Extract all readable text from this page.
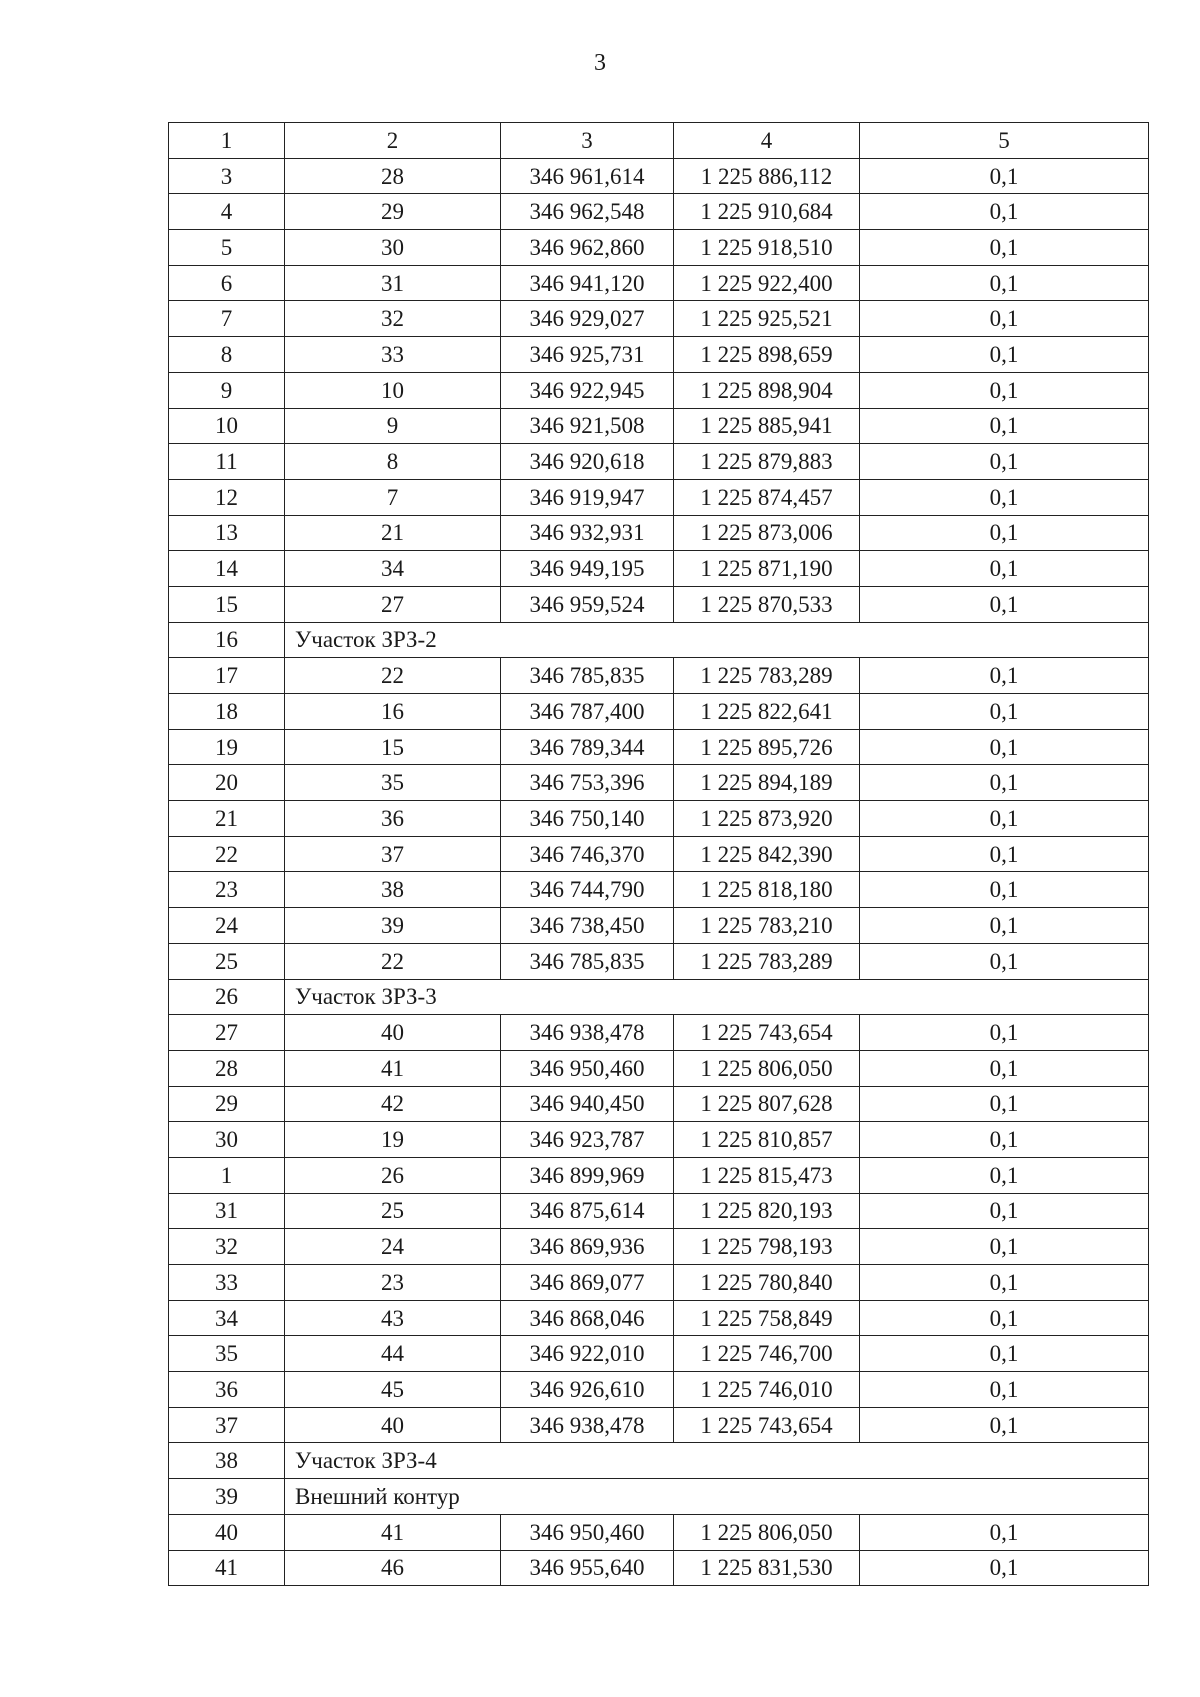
3
1	2	3	4	5
3	28	346 961,614	1 225 886,112	0,1
4	29	346 962,548	1 225 910,684	0,1
5	30	346 962,860	1 225 918,510	0,1
6	31	346 941,120	1 225 922,400	0,1
7	32	346 929,027	1 225 925,521	0,1
8	33	346 925,731	1 225 898,659	0,1
9	10	346 922,945	1 225 898,904	0,1
10	9	346 921,508	1 225 885,941	0,1
11	8	346 920,618	1 225 879,883	0,1
12	7	346 919,947	1 225 874,457	0,1
13	21	346 932,931	1 225 873,006	0,1
14	34	346 949,195	1 225 871,190	0,1
15	27	346 959,524	1 225 870,533	0,1
16	Участок ЗРЗ-2			
17	22	346 785,835	1 225 783,289	0,1
18	16	346 787,400	1 225 822,641	0,1
19	15	346 789,344	1 225 895,726	0,1
20	35	346 753,396	1 225 894,189	0,1
21	36	346 750,140	1 225 873,920	0,1
22	37	346 746,370	1 225 842,390	0,1
23	38	346 744,790	1 225 818,180	0,1
24	39	346 738,450	1 225 783,210	0,1
25	22	346 785,835	1 225 783,289	0,1
26	Участок ЗРЗ-3			
27	40	346 938,478	1 225 743,654	0,1
28	41	346 950,460	1 225 806,050	0,1
29	42	346 940,450	1 225 807,628	0,1
30	19	346 923,787	1 225 810,857	0,1
1	26	346 899,969	1 225 815,473	0,1
31	25	346 875,614	1 225 820,193	0,1
32	24	346 869,936	1 225 798,193	0,1
33	23	346 869,077	1 225 780,840	0,1
34	43	346 868,046	1 225 758,849	0,1
35	44	346 922,010	1 225 746,700	0,1
36	45	346 926,610	1 225 746,010	0,1
37	40	346 938,478	1 225 743,654	0,1
38	Участок ЗРЗ-4			
39	Внешний контур			
40	41	346 950,460	1 225 806,050	0,1
41	46	346 955,640	1 225 831,530	0,1
